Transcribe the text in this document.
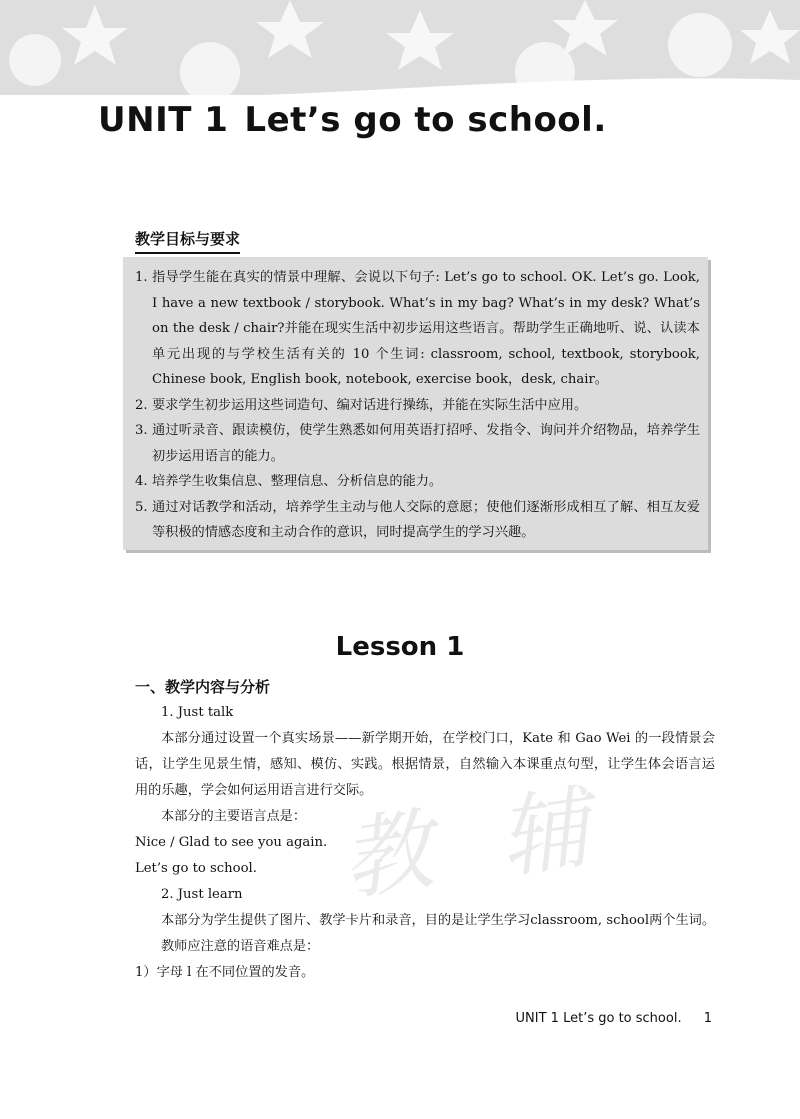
UNIT 1 Let’s go to school.
教学目标与要求
1. 指导学生能在真实的情景中理解、会说以下句子: Let’s go to school. OK. Let’s go. Look, I have a new textbook / storybook. What’s in my bag? What’s in my desk? What’s on the desk / chair?并能在现实生活中初步运用这些语言。帮助学生正确地听、说、认读本单元出现的与学校生活有关的 10 个生词: classroom, school, textbook, storybook, Chinese book, English book, notebook, exercise book，desk, chair。
2. 要求学生初步运用这些词造句、编对话进行操练，并能在实际生活中应用。
3. 通过听录音、跟读模仿，使学生熟悉如何用英语打招呼、发指令、询问并介绍物品，培养学生初步运用语言的能力。
4. 培养学生收集信息、整理信息、分析信息的能力。
5. 通过对话教学和活动，培养学生主动与他人交际的意愿；使他们逐渐形成相互了解、相互友爱等积极的情感态度和主动合作的意识，同时提高学生的学习兴趣。
教 辅
Lesson 1

一、教学内容与分析

1. Just talk

本部分通过设置一个真实场景——新学期开始，在学校门口，Kate 和 Gao Wei 的一段情景会话，让学生见景生情，感知、模仿、实践。根据情景，自然输入本课重点句型，让学生体会语言运用的乐趣，学会如何运用语言进行交际。

本部分的主要语言点是：

Nice / Glad to see you again.

Let’s go to school.

2. Just learn

本部分为学生提供了图片、教学卡片和录音，目的是让学生学习classroom, school两个生词。

教师应注意的语音难点是：

1）字母 l 在不同位置的发音。

UNIT 1 Let’s go to school. 1
